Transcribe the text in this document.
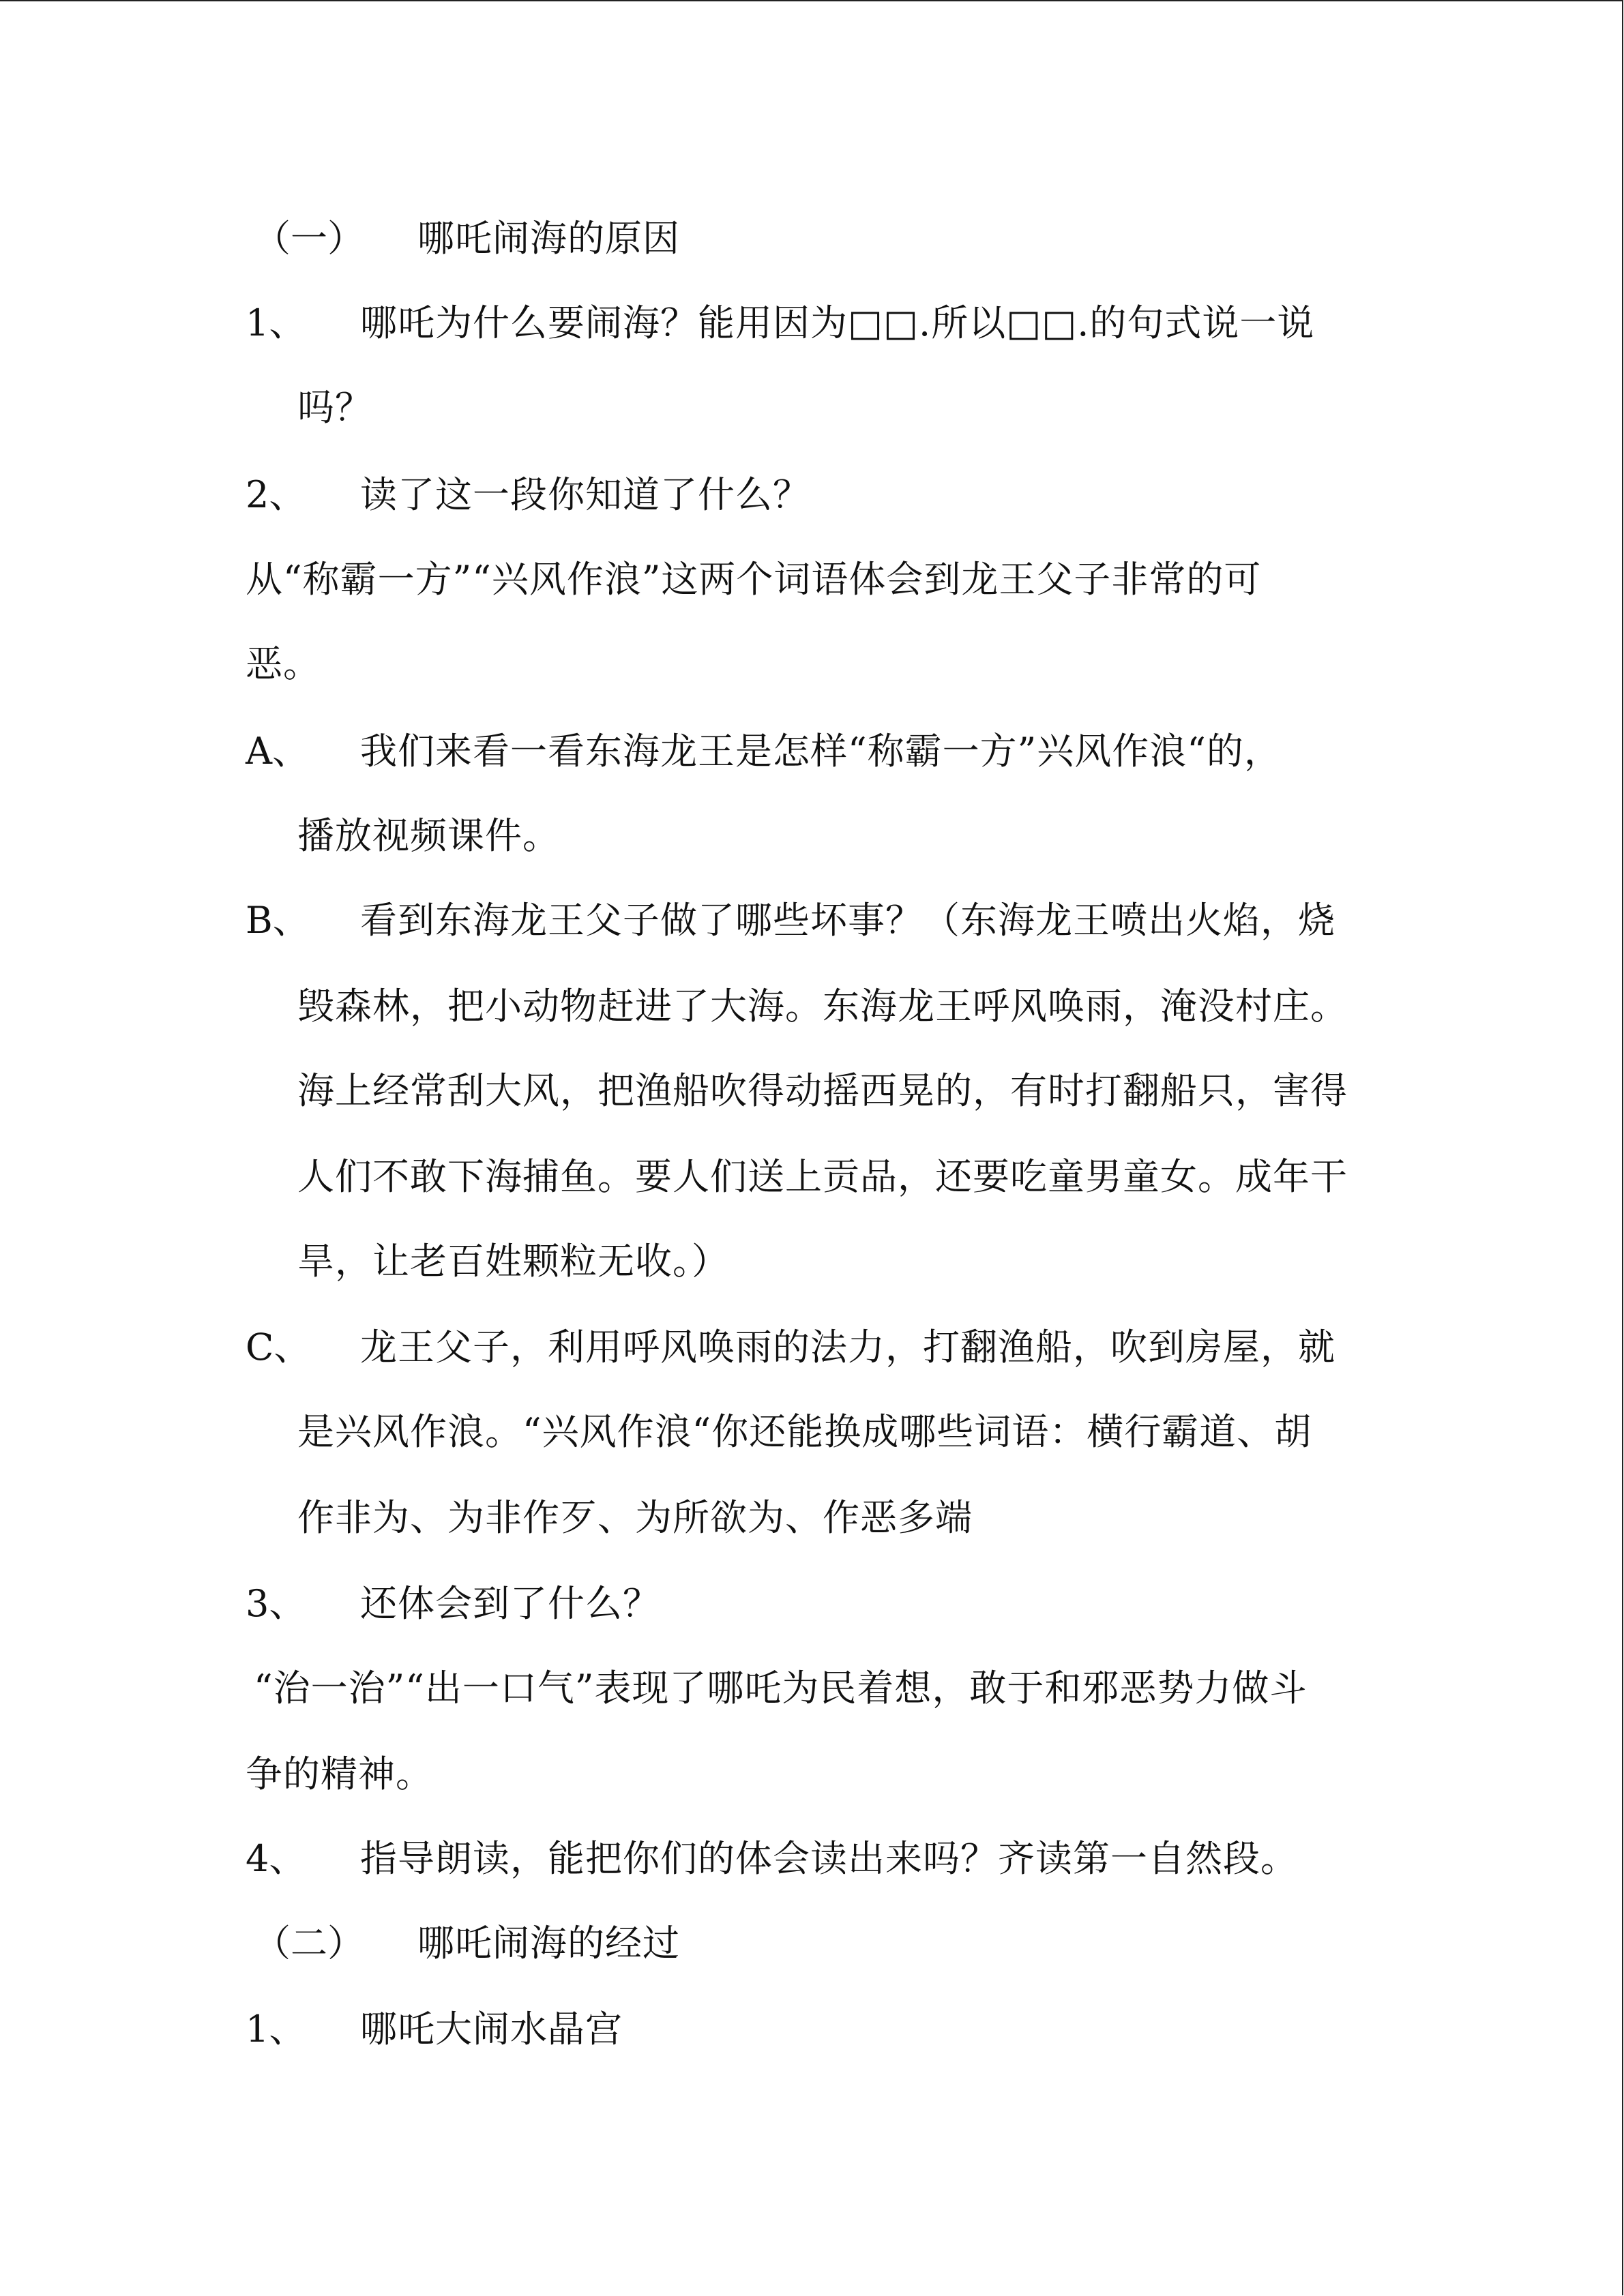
（一） 哪吒闹海的原因
1、 哪吒为什么要闹海？能用因为□□.所以□□.的句式说一说
吗？
2、 读了这一段你知道了什么？
从“称霸一方”“兴风作浪”这两个词语体会到龙王父子非常的可
恶。
A、 我们来看一看东海龙王是怎样“称霸一方”兴风作浪“的，
播放视频课件。
B、 看到东海龙王父子做了哪些坏事？（东海龙王喷出火焰，烧
毁森林，把小动物赶进了大海。东海龙王呼风唤雨，淹没村庄。
海上经常刮大风，把渔船吹得动摇西晃的，有时打翻船只，害得
人们不敢下海捕鱼。要人们送上贡品，还要吃童男童女。成年干
旱，让老百姓颗粒无收。）
C、 龙王父子，利用呼风唤雨的法力，打翻渔船，吹到房屋，就
是兴风作浪。“兴风作浪“你还能换成哪些词语：横行霸道、胡
作非为、为非作歹、为所欲为、作恶多端
3、 还体会到了什么？
“治一治”“出一口气”表现了哪吒为民着想，敢于和邪恶势力做斗
争的精神。
4、 指导朗读，能把你们的体会读出来吗？齐读第一自然段。
（二） 哪吒闹海的经过
1、 哪吒大闹水晶宫
